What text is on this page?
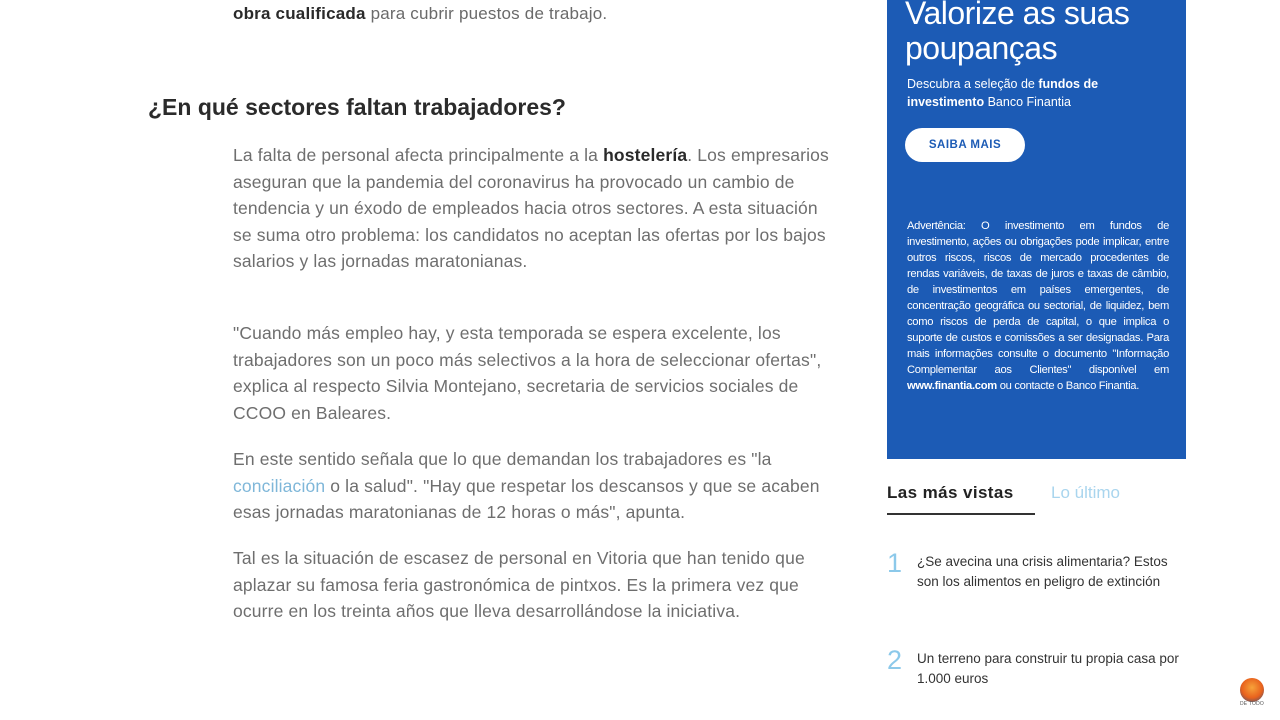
obra cualificada para cubrir puestos de trabajo.

¿En qué sectores faltan trabajadores?

La falta de personal afecta principalmente a la hostelería. Los empresarios aseguran que la pandemia del coronavirus ha provocado un cambio de tendencia y un éxodo de empleados hacia otros sectores. A esta situación se suma otro problema: los candidatos no aceptan las ofertas por los bajos salarios y las jornadas maratonianas.

"Cuando más empleo hay, y esta temporada se espera excelente, los trabajadores son un poco más selectivos a la hora de seleccionar ofertas", explica al respecto Silvia Montejano, secretaria de servicios sociales de CCOO en Baleares.

En este sentido señala que lo que demandan los trabajadores es "la conciliación o la salud". "Hay que respetar los descansos y que se acaben esas jornadas maratonianas de 12 horas o más", apunta.

Tal es la situación de escasez de personal en Vitoria que han tenido que aplazar su famosa feria gastronómica de pintxos. Es la primera vez que ocurre en los treinta años que lleva desarrollándose la iniciativa.

Valorize as suas poupanças

Descubra a seleção de fundos de investimento Banco Finantia

SAIBA MAIS

Advertência: O investimento em fundos de investimento, ações ou obrigações pode implicar, entre outros riscos, riscos de mercado procedentes de rendas variáveis, de taxas de juros e taxas de câmbio, de investimentos em países emergentes, de concentração geográfica ou sectorial, de liquidez, bem como riscos de perda de capital, o que implica o suporte de custos e comissões a ser designadas. Para mais informações consulte o documento "Informação Complementar aos Clientes" disponível em www.finantia.com ou contacte o Banco Finantia.

Las más vistas	Lo último
1 ¿Se avecina una crisis alimentaria? Estos son los alimentos en peligro de extinción
2 Un terreno para construir tu propia casa por 1.000 euros
DE TODO
